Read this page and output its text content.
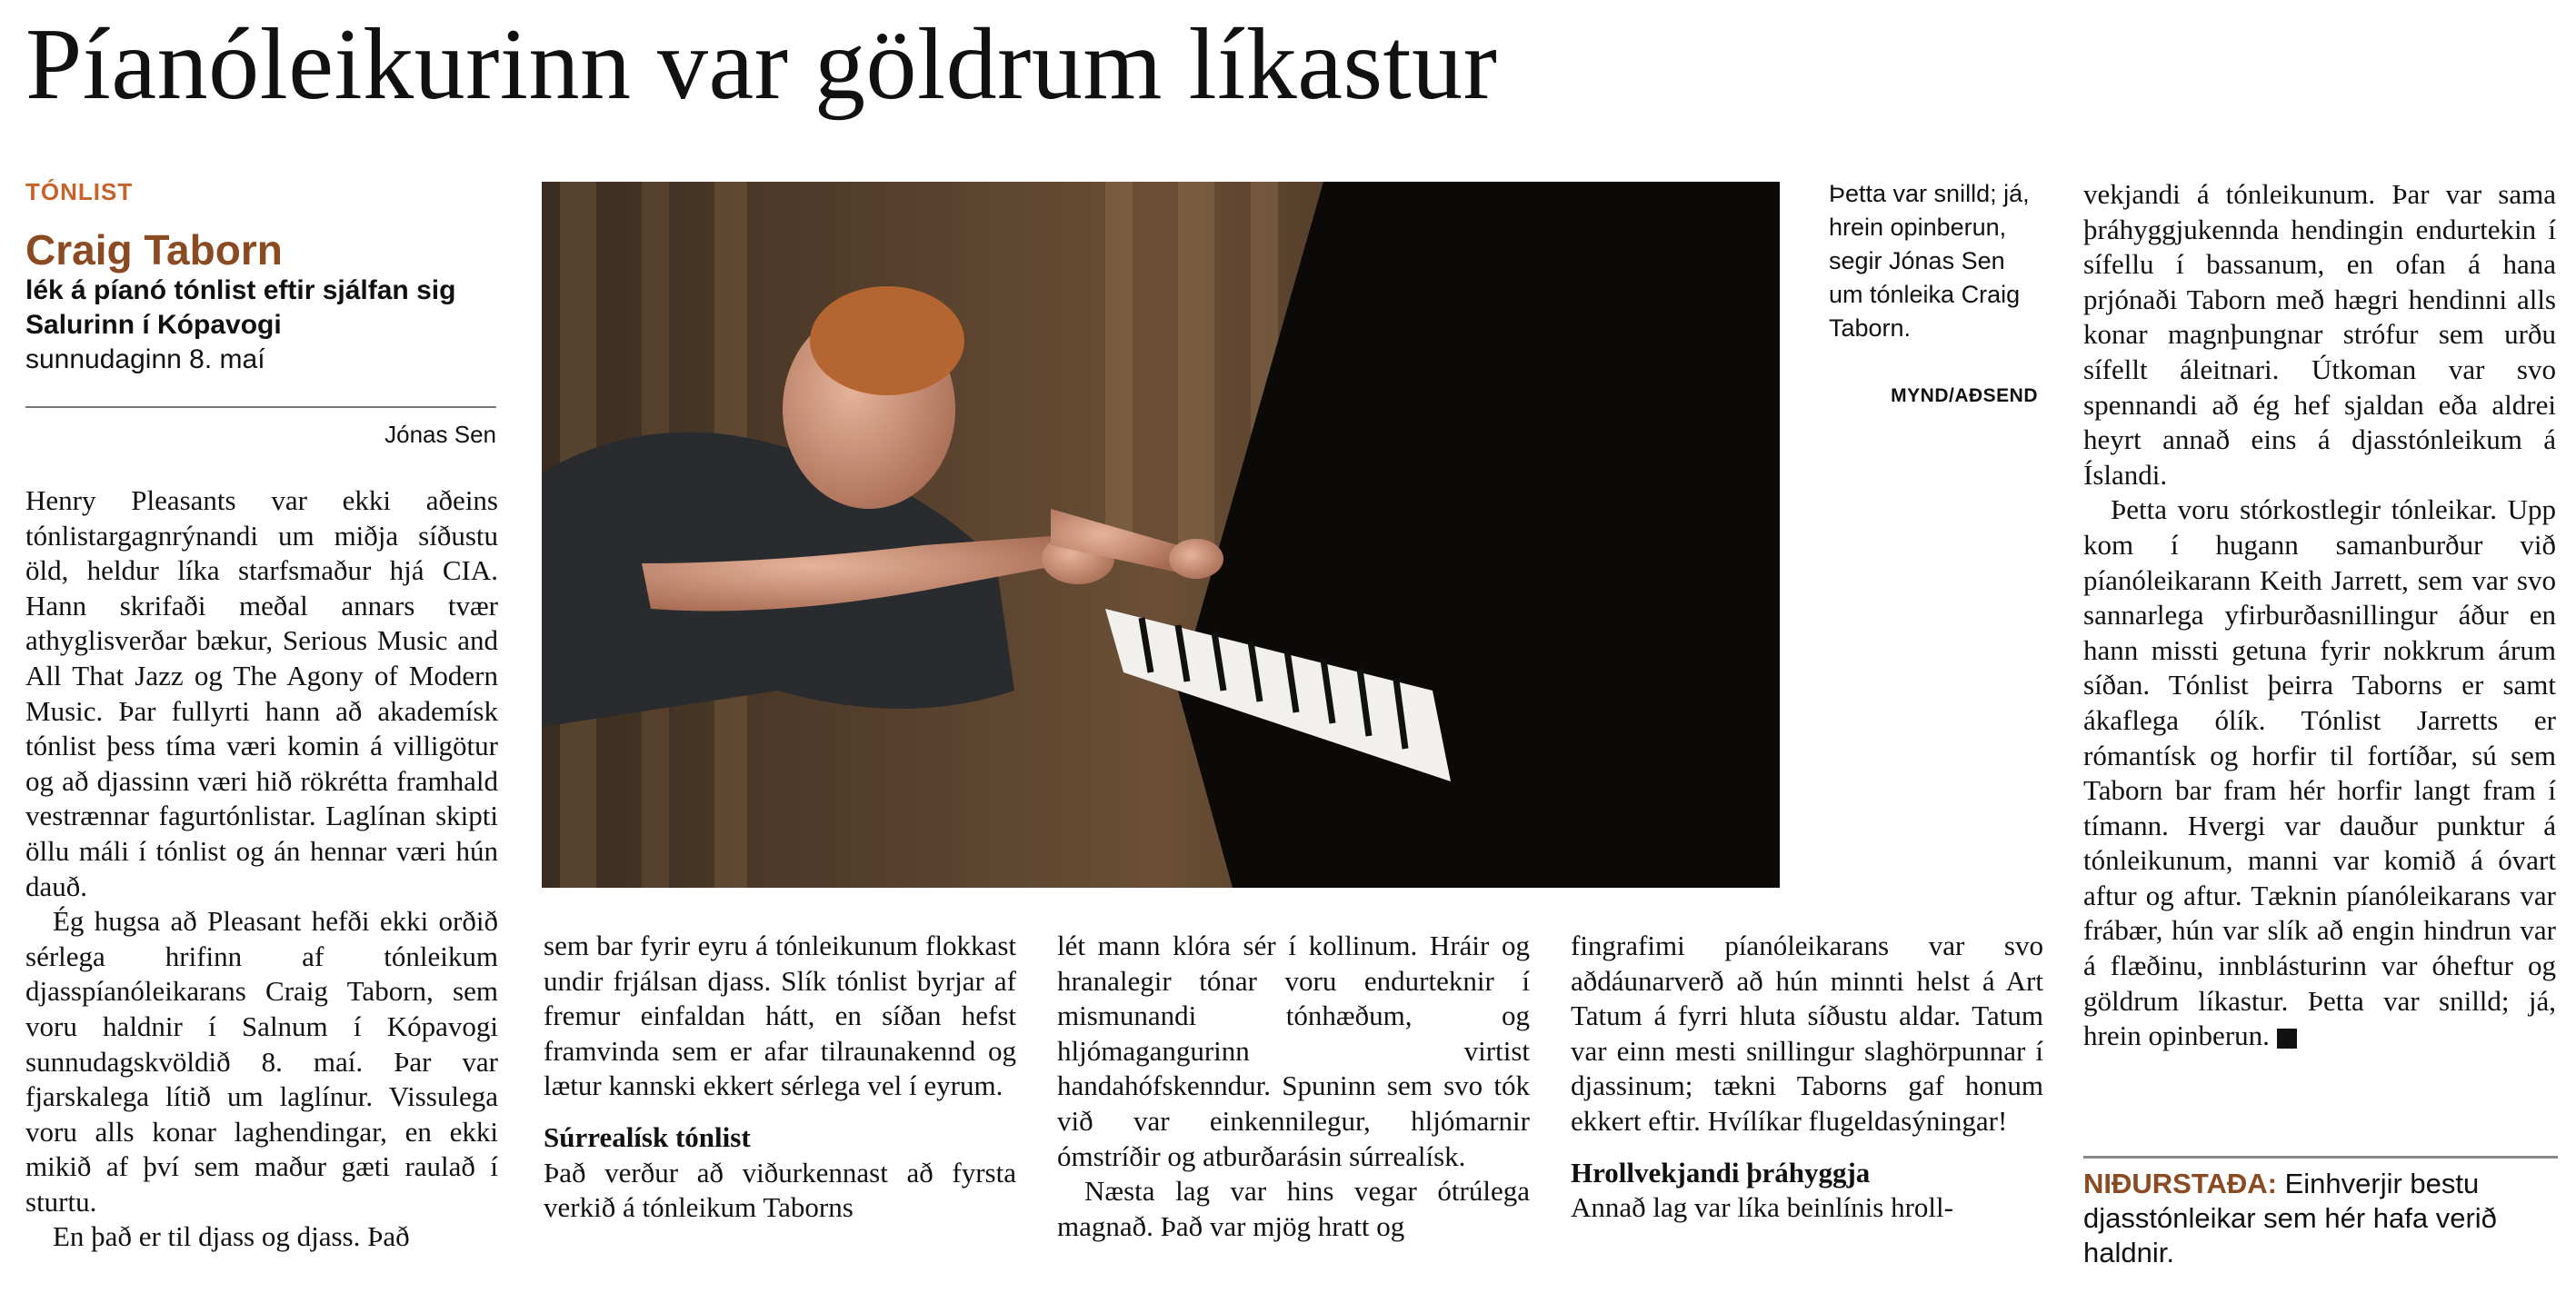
Píanóleikurinn var göldrum líkastur
TÓNLIST
Craig Taborn
lék á píanó tónlist eftir sjálfan sig
Salurinn í Kópavogi
sunnudaginn 8. maí
Jónas Sen

Henry Pleasants var ekki aðeins tónlistargagnrýnandi um miðja síðustu öld, heldur líka starfsmaður hjá CIA. Hann skrifaði meðal annars tvær athyglisverðar bækur, Serious Music and All That Jazz og The Agony of Modern Music. Þar fullyrti hann að akademísk tónlist þess tíma væri komin á villigötur og að djassinn væri hið rökrétta framhald vestrænnar fagurtónlistar. Laglínan skipti öllu máli í tónlist og án hennar væri hún dauð.

Ég hugsa að Pleasant hefði ekki orðið sérlega hrifinn af tónleikum djasspíanóleikarans Craig Taborn, sem voru haldnir í Salnum í Kópavogi sunnudagskvöldið 8. maí. Þar var fjarskalega lítið um laglínur. Vissulega voru alls konar laghendingar, en ekki mikið af því sem maður gæti raulað í sturtu.

En það er til djass og djass. Það

Þetta var snilld; já, hrein opinberun, segir Jónas Sen um tónleika Craig Taborn.
MYND/AÐSEND

sem bar fyrir eyru á tónleikunum flokkast undir frjálsan djass. Slík tónlist byrjar af fremur einfaldan hátt, en síðan hefst framvinda sem er afar tilraunakennd og lætur kannski ekkert sérlega vel í eyrum.

Súrrealísk tónlist

Það verður að viðurkennast að fyrsta verkið á tónleikum Taborns

lét mann klóra sér í kollinum. Hráir og hranalegir tónar voru endurteknir í mismunandi tónhæðum, og hljómagangurinn virtist handahófskenndur. Spuninn sem svo tók við var einkennilegur, hljómarnir ómstríðir og atburðarásin súrrealísk.

Næsta lag var hins vegar ótrúlega magnað. Það var mjög hratt og

fingrafimi píanóleikarans var svo aðdáunarverð að hún minnti helst á Art Tatum á fyrri hluta síðustu aldar. Tatum var einn mesti snillingur slaghörpunnar í djassinum; tækni Taborns gaf honum ekkert eftir. Hvílíkar flugeldasýningar!

Hrollvekjandi þráhyggja

Annað lag var líka beinlínis hroll-

vekjandi á tónleikunum. Þar var sama þráhyggjukennda hendingin endurtekin í sífellu í bassanum, en ofan á hana prjónaði Taborn með hægri hendinni alls konar magnþungnar strófur sem urðu sífellt áleitnari. Útkoman var svo spennandi að ég hef sjaldan eða aldrei heyrt annað eins á djasstónleikum á Íslandi.

Þetta voru stórkostlegir tónleikar. Upp kom í hugann samanburður við píanóleikarann Keith Jarrett, sem var svo sannarlega yfirburðasnillingur áður en hann missti getuna fyrir nokkrum árum síðan. Tónlist þeirra Taborns er samt ákaflega ólík. Tónlist Jarretts er rómantísk og horfir til fortíðar, sú sem Taborn bar fram hér horfir langt fram í tímann. Hvergi var dauður punktur á tónleikunum, manni var komið á óvart aftur og aftur. Tæknin píanóleikarans var frábær, hún var slík að engin hindrun var á flæðinu, innblásturinn var óheftur og göldrum líkastur. Þetta var snilld; já, hrein opinberun.

NIÐURSTAÐA: Einhverjir bestu djasstónleikar sem hér hafa verið haldnir.
